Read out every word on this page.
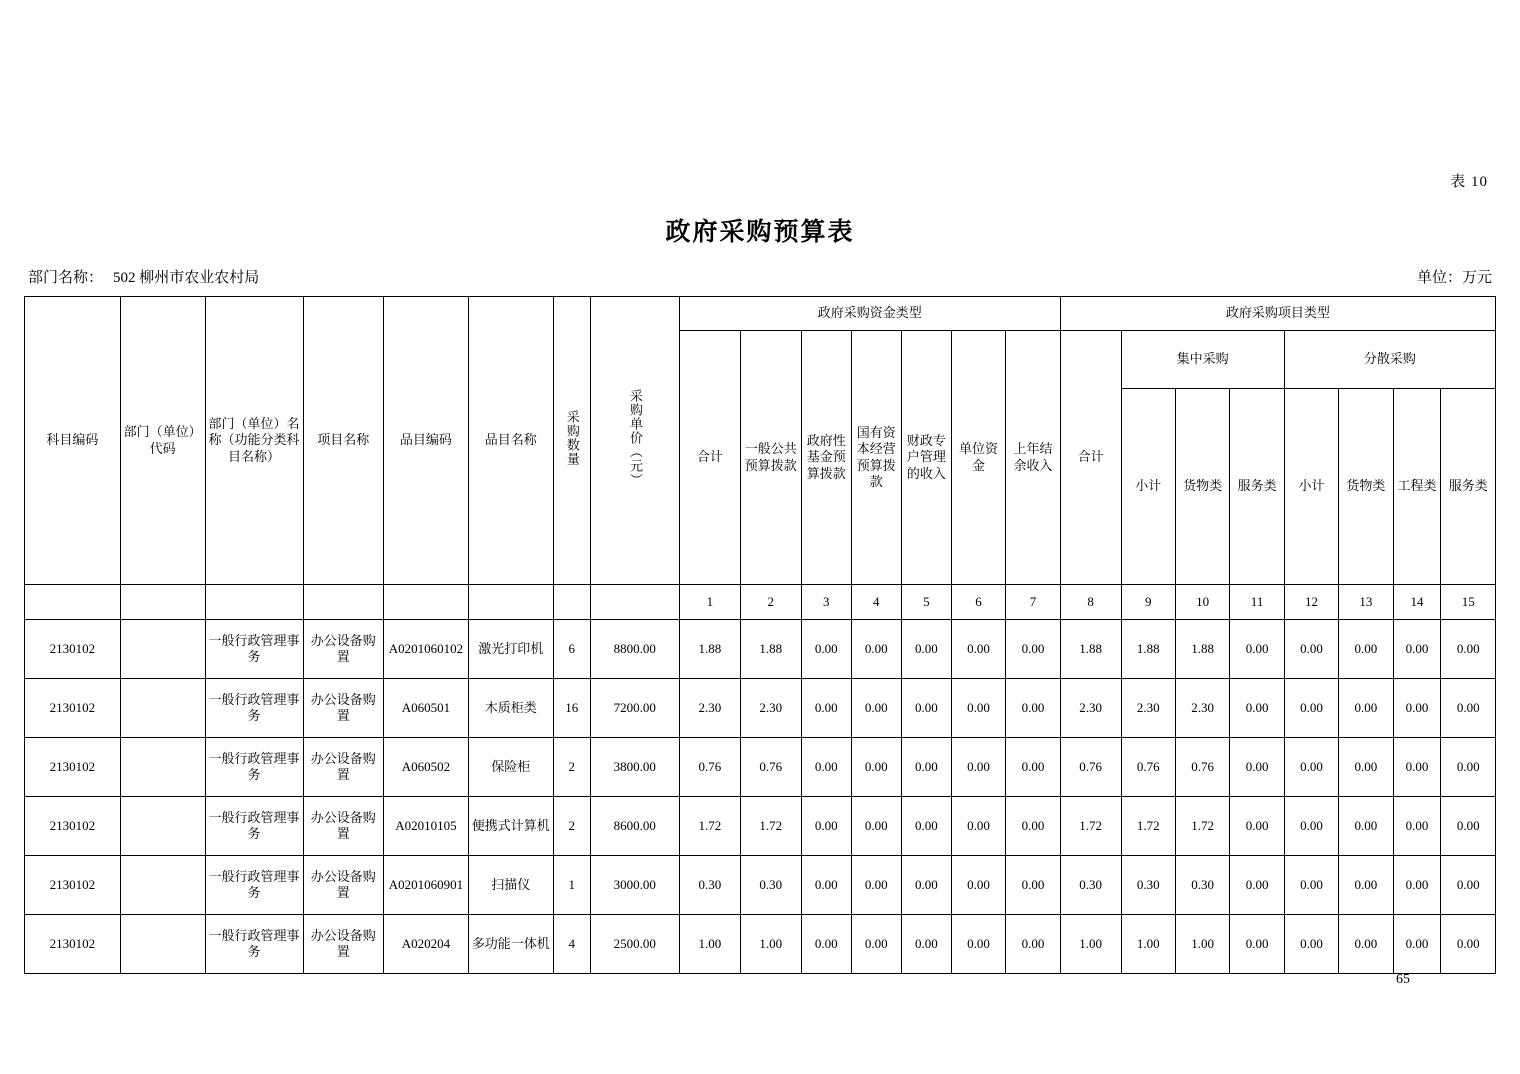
表 10
政府采购预算表
部门名称： 502 柳州市农业农村局	单位：万元
科目编码	部门（单位）代码	部门（单位）名称（功能分类科目名称）	项目名称	品目编码	品目名称	采购数量	采购单价（元）	政府采购资金类型							政府采购项目类型							
								合计	一般公共预算拨款	政府性基金预算拨款	国有资本经营预算拨款	财政专户管理的收入	单位资金	上年结余收入	合计	集中采购			分散采购			
																小计	货物类	服务类	小计	货物类	工程类	服务类
								1	2	3	4	5	6	7	8	9	10	11	12	13	14	15
2130102		一般行政管理事务	办公设备购置	A0201060102	激光打印机	6	8800.00	1.88	1.88	0.00	0.00	0.00	0.00	0.00	1.88	1.88	1.88	0.00	0.00	0.00	0.00	0.00
2130102		一般行政管理事务	办公设备购置	A060501	木质柜类	16	7200.00	2.30	2.30	0.00	0.00	0.00	0.00	0.00	2.30	2.30	2.30	0.00	0.00	0.00	0.00	0.00
2130102		一般行政管理事务	办公设备购置	A060502	保险柜	2	3800.00	0.76	0.76	0.00	0.00	0.00	0.00	0.00	0.76	0.76	0.76	0.00	0.00	0.00	0.00	0.00
2130102		一般行政管理事务	办公设备购置	A02010105	便携式计算机	2	8600.00	1.72	1.72	0.00	0.00	0.00	0.00	0.00	1.72	1.72	1.72	0.00	0.00	0.00	0.00	0.00
2130102		一般行政管理事务	办公设备购置	A0201060901	扫描仪	1	3000.00	0.30	0.30	0.00	0.00	0.00	0.00	0.00	0.30	0.30	0.30	0.00	0.00	0.00	0.00	0.00
2130102		一般行政管理事务	办公设备购置	A020204	多功能一体机	4	2500.00	1.00	1.00	0.00	0.00	0.00	0.00	0.00	1.00	1.00	1.00	0.00	0.00	0.00	0.00	0.00
65
